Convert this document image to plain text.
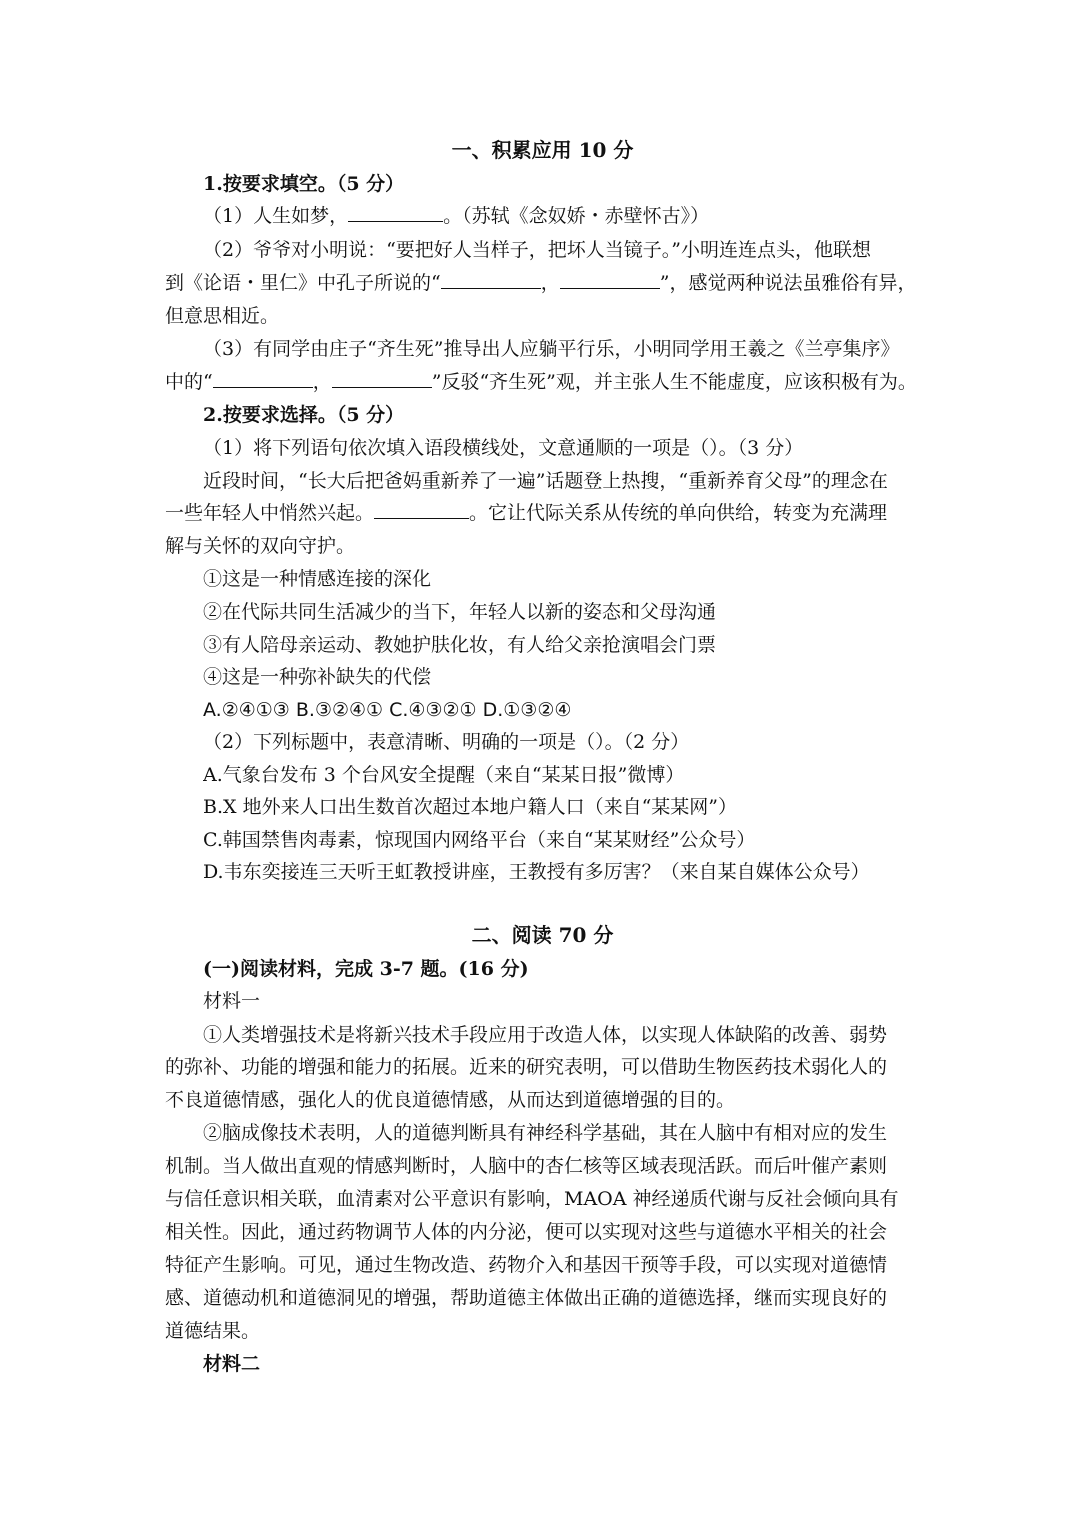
一、积累应用 10 分
1.按要求填空。（5 分）
（1）人生如梦，	。（苏轼《念奴娇・赤壁怀古》）
（2）爷爷对小明说：“要把好人当样子，把坏人当镜子。”小明连连点头，他联想
到《论语・里仁》中孔子所说的“	，	”，感觉两种说法虽雅俗有异，
但意思相近。
（3）有同学由庄子“齐生死”推导出人应躺平行乐，小明同学用王羲之《兰亭集序》
中的“	，	”反驳“齐生死”观，并主张人生不能虚度，应该积极有为。
2.按要求选择。（5 分）
（1）将下列语句依次填入语段横线处，文意通顺的一项是（）。（3 分）
近段时间，“长大后把爸妈重新养了一遍”话题登上热搜，“重新养育父母”的理念在
一些年轻人中悄然兴起。	。它让代际关系从传统的单向供给，转变为充满理
解与关怀的双向守护。
①这是一种情感连接的深化
②在代际共同生活减少的当下，年轻人以新的姿态和父母沟通
③有人陪母亲运动、教她护肤化妆，有人给父亲抢演唱会门票
④这是一种弥补缺失的代偿
A.②④①③ B.③②④① C.④③②① D.①③②④
（2）下列标题中，表意清晰、明确的一项是（）。（2 分）
A.气象台发布 3 个台风安全提醒（来自“某某日报”微博）
B.X 地外来人口出生数首次超过本地户籍人口（来自“某某网”）
C.韩国禁售肉毒素，惊现国内网络平台（来自“某某财经”公众号）
D.韦东奕接连三天听王虹教授讲座，王教授有多厉害？（来自某自媒体公众号）
二、阅读 70 分
(一)阅读材料，完成 3-7 题。(16 分)
材料一
①人类增强技术是将新兴技术手段应用于改造人体，以实现人体缺陷的改善、弱势
的弥补、功能的增强和能力的拓展。近来的研究表明，可以借助生物医药技术弱化人的
不良道德情感，强化人的优良道德情感，从而达到道德增强的目的。
②脑成像技术表明，人的道德判断具有神经科学基础，其在人脑中有相对应的发生
机制。当人做出直观的情感判断时，人脑中的杏仁核等区域表现活跃。而后叶催产素则
与信任意识相关联，血清素对公平意识有影响，MAOA 神经递质代谢与反社会倾向具有
相关性。因此，通过药物调节人体的内分泌，便可以实现对这些与道德水平相关的社会
特征产生影响。可见，通过生物改造、药物介入和基因干预等手段，可以实现对道德情
感、道德动机和道德洞见的增强，帮助道德主体做出正确的道德选择，继而实现良好的
道德结果。
材料二
